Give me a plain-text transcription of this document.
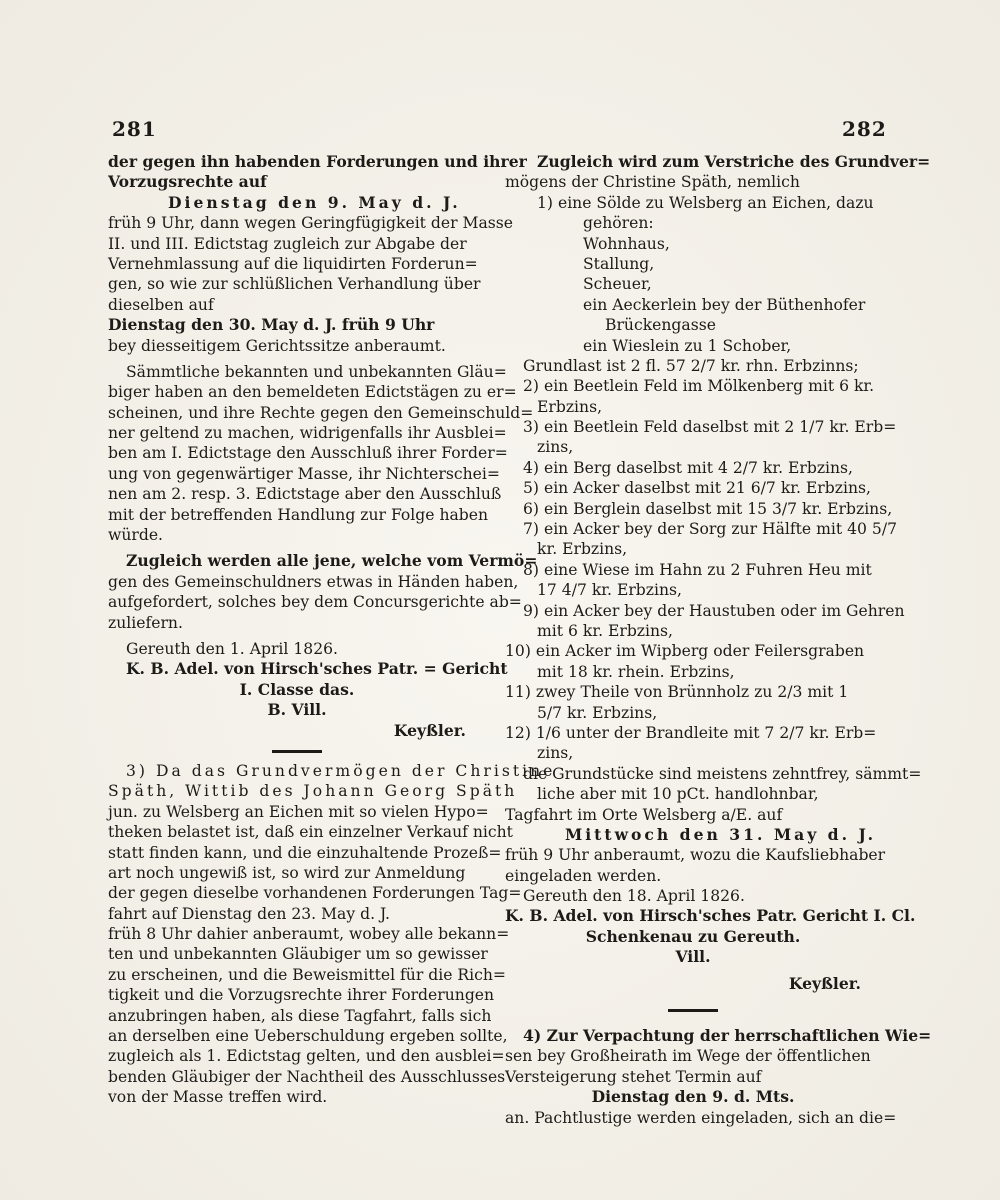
281	282
der gegen ihn habenden Forderungen und ihrer
Vorzugsrechte auf
Dienstag den 9. May d. J.
früh 9 Uhr, dann wegen Geringfügigkeit der Masse
II. und III. Edictstag zugleich zur Abgabe der
Vernehmlassung auf die liquidirten Forderun=
gen, so wie zur schlüßlichen Verhandlung über
dieselben auf
Dienstag den 30. May d. J. früh 9 Uhr
bey diesseitigem Gerichtssitze anberaumt.
Sämmtliche bekannten und unbekannten Gläu=
biger haben an den bemeldeten Edictstägen zu er=
scheinen, und ihre Rechte gegen den Gemeinschuld=
ner geltend zu machen, widrigenfalls ihr Ausblei=
ben am I. Edictstage den Ausschluß ihrer Forder=
ung von gegenwärtiger Masse, ihr Nichterschei=
nen am 2. resp. 3. Edictstage aber den Ausschluß
mit der betreffenden Handlung zur Folge haben
würde.
Zugleich werden alle jene, welche vom Vermö=
gen des Gemeinschuldners etwas in Händen haben,
aufgefordert, solches bey dem Concursgerichte ab=
zuliefern.
Gereuth den 1. April 1826.
K. B. Adel. von Hirsch'sches Patr. = Gericht
I. Classe das.
B. Vill.
Keyßler.
3) Da das Grundvermögen der Christine
Späth, Wittib des Johann Georg Späth
jun. zu Welsberg an Eichen mit so vielen Hypo=
theken belastet ist, daß ein einzelner Verkauf nicht
statt finden kann, und die einzuhaltende Prozeß=
art noch ungewiß ist, so wird zur Anmeldung
der gegen dieselbe vorhandenen Forderungen Tag=
fahrt auf Dienstag den 23. May d. J.
früh 8 Uhr dahier anberaumt, wobey alle bekann=
ten und unbekannten Gläubiger um so gewisser
zu erscheinen, und die Beweismittel für die Rich=
tigkeit und die Vorzugsrechte ihrer Forderungen
anzubringen haben, als diese Tagfahrt, falls sich
an derselben eine Ueberschuldung ergeben sollte,
zugleich als 1. Edictstag gelten, und den ausblei=
benden Gläubiger der Nachtheil des Ausschlusses
von der Masse treffen wird.
Zugleich wird zum Verstriche des Grundver=
mögens der Christine Späth, nemlich
1) eine Sölde zu Welsberg an Eichen, dazu
gehören:
Wohnhaus,
Stallung,
Scheuer,
ein Aeckerlein bey der Büthenhofer
Brückengasse
ein Wieslein zu 1 Schober,
Grundlast ist 2 fl. 57 2/7 kr. rhn. Erbzinns;
2) ein Beetlein Feld im Mölkenberg mit 6 kr.
Erbzins,
3) ein Beetlein Feld daselbst mit 2 1/7 kr. Erb=
zins,
4) ein Berg daselbst mit 4 2/7 kr. Erbzins,
5) ein Acker daselbst mit 21 6/7 kr. Erbzins,
6) ein Berglein daselbst mit 15 3/7 kr. Erbzins,
7) ein Acker bey der Sorg zur Hälfte mit 40 5/7
kr. Erbzins,
8) eine Wiese im Hahn zu 2 Fuhren Heu mit
17 4/7 kr. Erbzins,
9) ein Acker bey der Haustuben oder im Gehren
mit 6 kr. Erbzins,
10) ein Acker im Wipberg oder Feilersgraben
mit 18 kr. rhein. Erbzins,
11) zwey Theile von Brünnholz zu 2/3 mit 1
5/7 kr. Erbzins,
12) 1/6 unter der Brandleite mit 7 2/7 kr. Erb=
zins,
die Grundstücke sind meistens zehntfrey, sämmt=
liche aber mit 10 pCt. handlohnbar,
Tagfahrt im Orte Welsberg a/E. auf
Mittwoch den 31. May d. J.
früh 9 Uhr anberaumt, wozu die Kaufsliebhaber
eingeladen werden.
Gereuth den 18. April 1826.
K. B. Adel. von Hirsch'sches Patr. Gericht I. Cl.
Schenkenau zu Gereuth.
Vill.
Keyßler.
4) Zur Verpachtung der herrschaftlichen Wie=
sen bey Großheirath im Wege der öffentlichen
Versteigerung stehet Termin auf
Dienstag den 9. d. Mts.
an. Pachtlustige werden eingeladen, sich an die=
